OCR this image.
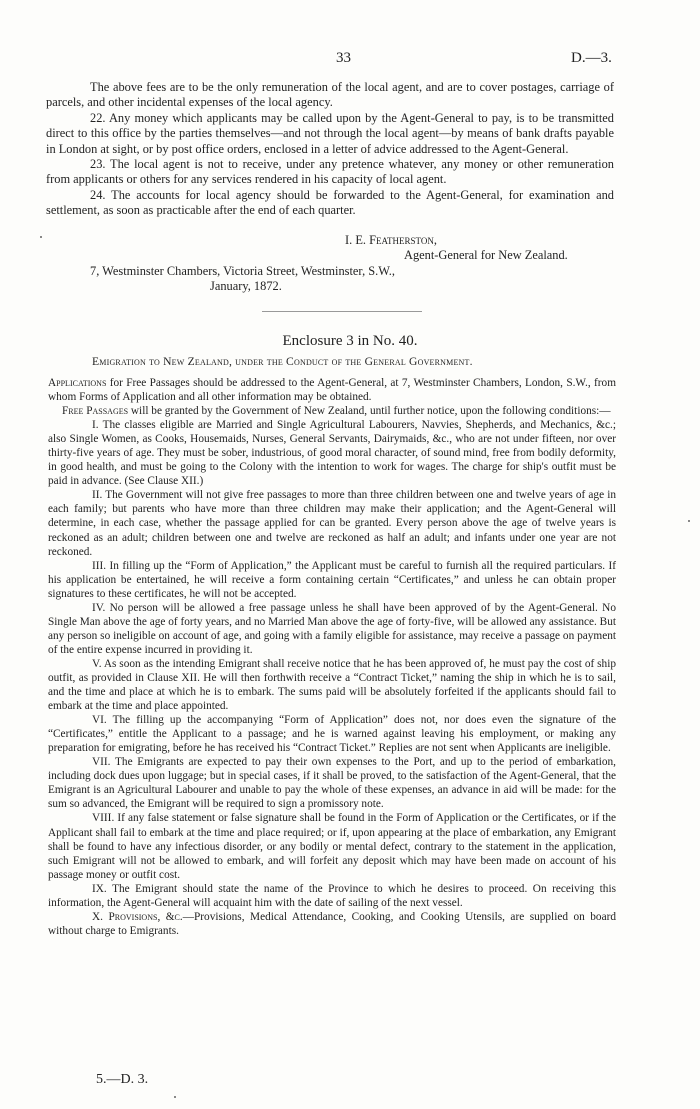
33	D.—3.

The above fees are to be the only remuneration of the local agent, and are to cover postages, carriage of parcels, and other incidental expenses of the local agency.

22. Any money which applicants may be called upon by the Agent-General to pay, is to be transmitted direct to this office by the parties themselves—and not through the local agent—by means of bank drafts payable in London at sight, or by post office orders, enclosed in a letter of advice addressed to the Agent-General.

23. The local agent is not to receive, under any pretence whatever, any money or other remuneration from applicants or others for any services rendered in his capacity of local agent.

24. The accounts for local agency should be forwarded to the Agent-General, for examination and settlement, as soon as practicable after the end of each quarter.

I. E. Featherston,
Agent-General for New Zealand.
7, Westminster Chambers, Victoria Street, Westminster, S.W.,
January, 1872.
Enclosure 3 in No. 40.
Emigration to New Zealand, under the Conduct of the General Government.

Applications for Free Passages should be addressed to the Agent-General, at 7, Westminster Chambers, London, S.W., from whom Forms of Application and all other information may be obtained.

Free Passages will be granted by the Government of New Zealand, until further notice, upon the following conditions:—

I. The classes eligible are Married and Single Agricultural Labourers, Navvies, Shepherds, and Mechanics, &c.; also Single Women, as Cooks, Housemaids, Nurses, General Servants, Dairymaids, &c., who are not under fifteen, nor over thirty-five years of age. They must be sober, industrious, of good moral character, of sound mind, free from bodily deformity, in good health, and must be going to the Colony with the intention to work for wages. The charge for ship's outfit must be paid in advance. (See Clause XII.)

II. The Government will not give free passages to more than three children between one and twelve years of age in each family; but parents who have more than three children may make their application; and the Agent-General will determine, in each case, whether the passage applied for can be granted. Every person above the age of twelve years is reckoned as an adult; children between one and twelve are reckoned as half an adult; and infants under one year are not reckoned.

III. In filling up the “Form of Application,” the Applicant must be careful to furnish all the required particulars. If his application be entertained, he will receive a form containing certain “Certificates,” and unless he can obtain proper signatures to these certificates, he will not be accepted.

IV. No person will be allowed a free passage unless he shall have been approved of by the Agent-General. No Single Man above the age of forty years, and no Married Man above the age of forty-five, will be allowed any assistance. But any person so ineligible on account of age, and going with a family eligible for assistance, may receive a passage on payment of the entire expense incurred in providing it.

V. As soon as the intending Emigrant shall receive notice that he has been approved of, he must pay the cost of ship outfit, as provided in Clause XII. He will then forthwith receive a “Contract Ticket,” naming the ship in which he is to sail, and the time and place at which he is to embark. The sums paid will be absolutely forfeited if the applicants should fail to embark at the time and place appointed.

VI. The filling up the accompanying “Form of Application” does not, nor does even the signature of the “Certificates,” entitle the Applicant to a passage; and he is warned against leaving his employment, or making any preparation for emigrating, before he has received his “Contract Ticket.” Replies are not sent when Applicants are ineligible.

VII. The Emigrants are expected to pay their own expenses to the Port, and up to the period of embarkation, including dock dues upon luggage; but in special cases, if it shall be proved, to the satisfaction of the Agent-General, that the Emigrant is an Agricultural Labourer and unable to pay the whole of these expenses, an advance in aid will be made: for the sum so advanced, the Emigrant will be required to sign a promissory note.

VIII. If any false statement or false signature shall be found in the Form of Application or the Certificates, or if the Applicant shall fail to embark at the time and place required; or if, upon appearing at the place of embarkation, any Emigrant shall be found to have any infectious disorder, or any bodily or mental defect, contrary to the statement in the application, such Emigrant will not be allowed to embark, and will forfeit any deposit which may have been made on account of his passage money or outfit cost.

IX. The Emigrant should state the name of the Province to which he desires to proceed. On receiving this information, the Agent-General will acquaint him with the date of sailing of the next vessel.

X. Provisions, &c.—Provisions, Medical Attendance, Cooking, and Cooking Utensils, are supplied on board without charge to Emigrants.

5.—D. 3.
